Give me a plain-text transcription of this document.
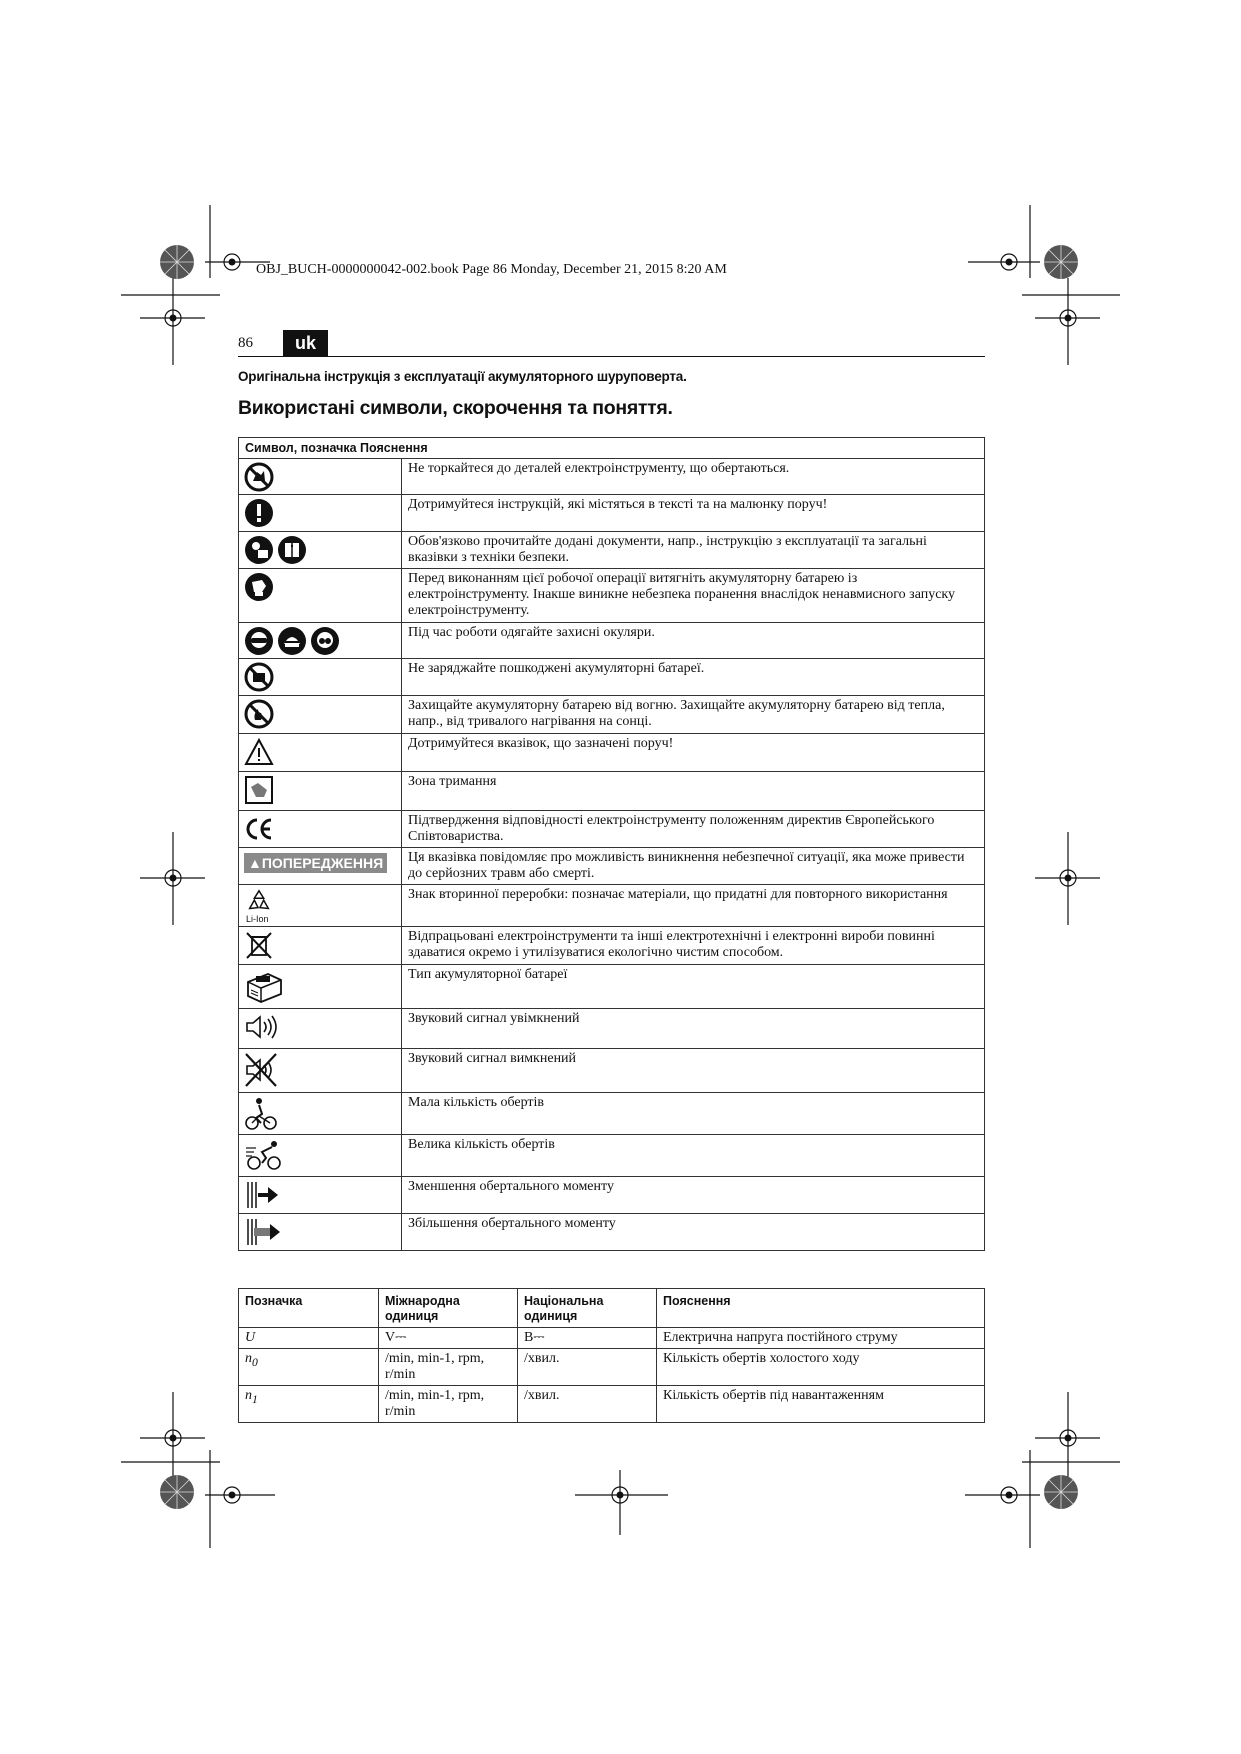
OBJ_BUCH-0000000042-002.book Page 86 Monday, December 21, 2015 8:20 AM
86	uk
Оригінальна інструкція з експлуатації акумуляторного шуруповерта.
Використані символи, скорочення та поняття.
Символ, позначка Пояснення	

	Не торкайтеся до деталей електроінструменту, що обертаються.

	Дотримуйтеся інструкцій, які містяться в тексті та на малюнку поруч!

	Обов'язково прочитайте додані документи, напр., інструкцію з експлуатації та загальні вказівки з техніки безпеки.

	Перед виконанням цієї робочої операції витягніть акумуляторну батарею із електроінструменту. Інакше виникне небезпека поранення внаслідок ненавмисного запуску електроінструменту.

	Під час роботи одягайте захисні окуляри.

	Не заряджайте пошкоджені акумуляторні батареї.

	Захищайте акумуляторну батарею від вогню. Захищайте акумуляторну батарею від тепла, напр., від тривалого нагрівання на сонці.

	Дотримуйтеся вказівок, що зазначені поруч!

	Зона тримання

	Підтвердження відповідності електроінструменту положенням директив Європейського Співтовариства.
▲ПОПЕРЕДЖЕННЯ	Ця вказівка повідомляє про можливість виникнення небезпечної ситуації, яка може привести до серйозних травм або смерті.

Li-Ion	Знак вторинної переробки: позначає матеріали, що придатні для повторного використання

	Відпрацьовані електроінструменти та інші електротехнічні і електронні вироби повинні здаватися окремо і утилізуватися екологічно чистим способом.

	Тип акумуляторної батареї

	Звуковий сигнал увімкнений

	Звуковий сигнал вимкнений

	Мала кількість обертів

	Велика кількість обертів

	Зменшення обертального моменту

	Збільшення обертального моменту
Позначка	Міжнародна одиниця	Національна одиниця	Пояснення
U	V⎓	В⎓	Електрична напруга постійного струму
$n_0$	/min, min-1, rpm, r/min	/хвил.	Кількість обертів холостого ходу
$n_1$	/min, min-1, rpm, r/min	/хвил.	Кількість обертів під навантаженням
